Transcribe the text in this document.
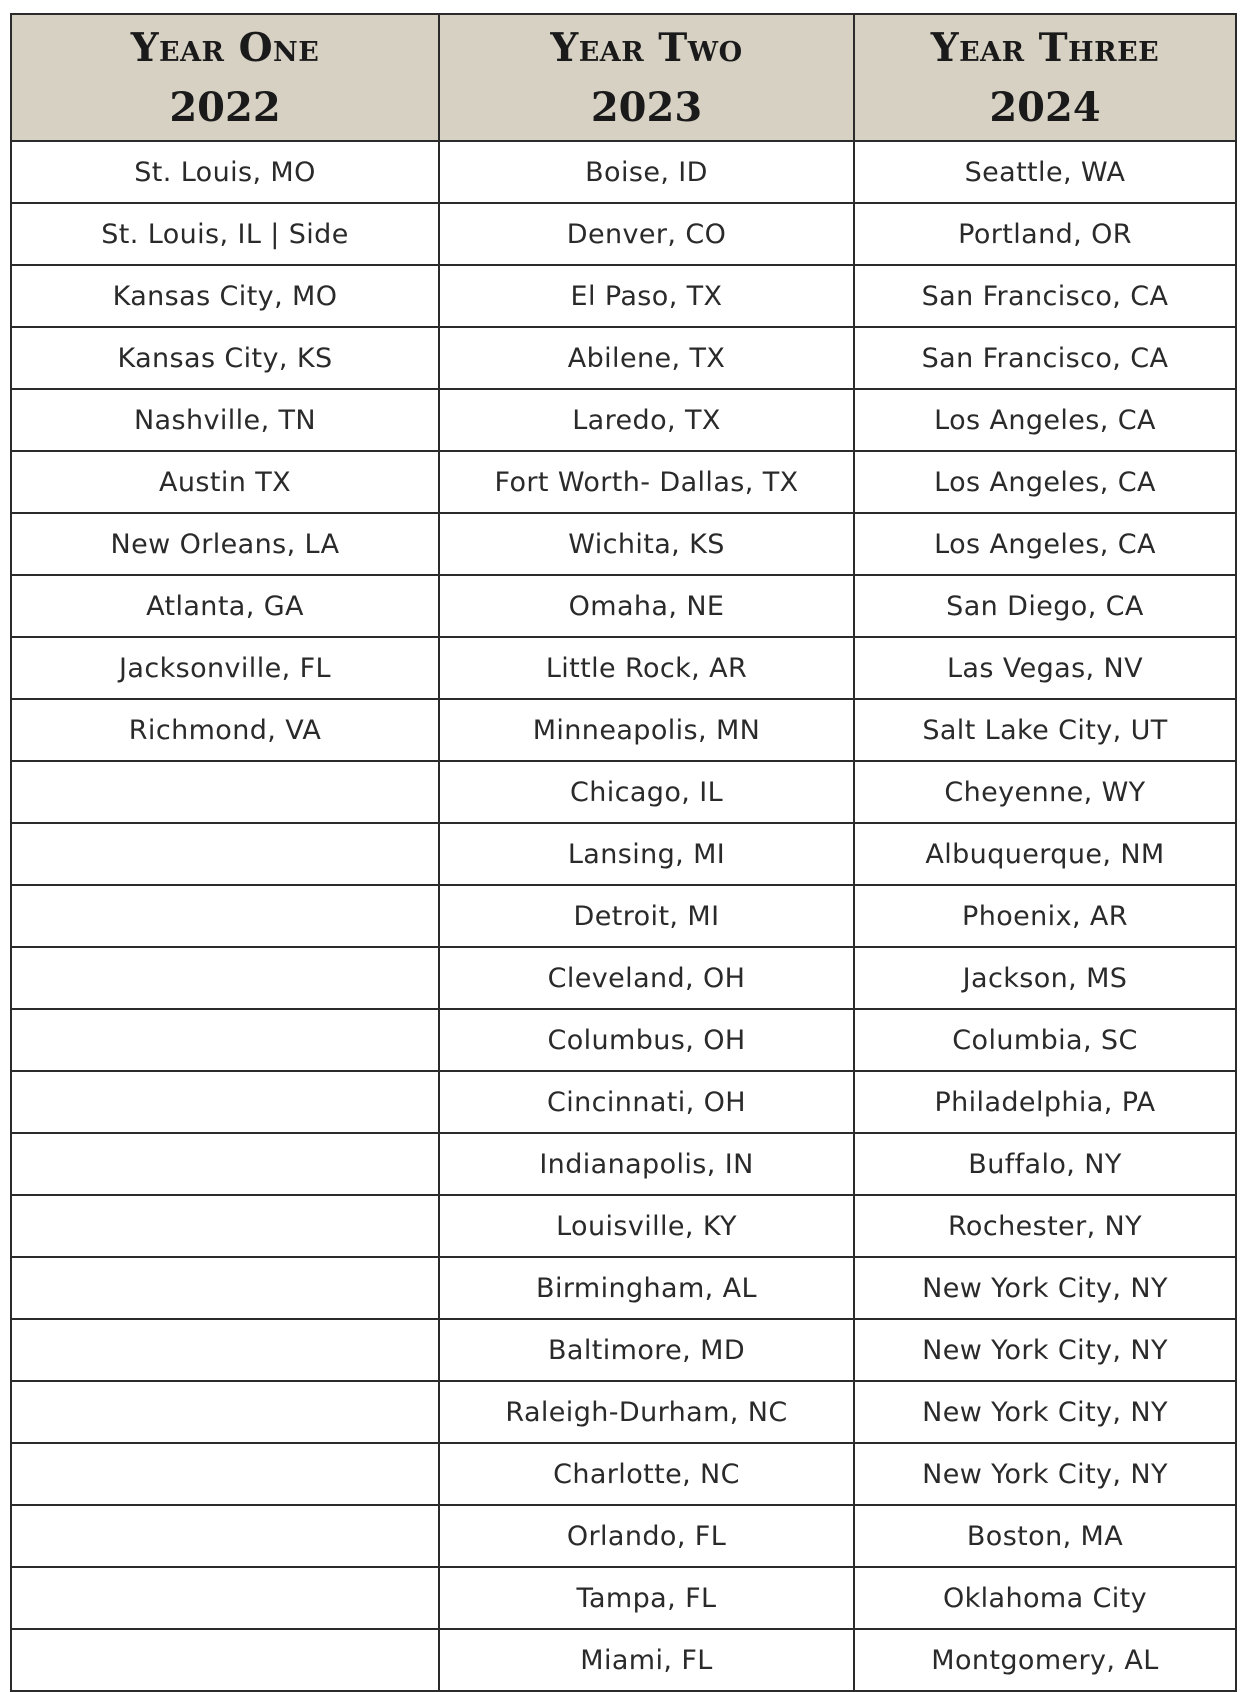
Year One
2022	Year Two
2023	Year Three
2024

St. Louis, MO	Boise, ID	Seattle, WA
St. Louis, IL | Side	Denver, CO	Portland, OR
Kansas City, MO	El Paso, TX	San Francisco, CA
Kansas City, KS	Abilene, TX	San Francisco, CA
Nashville, TN	Laredo, TX	Los Angeles, CA
Austin TX	Fort Worth- Dallas, TX	Los Angeles, CA
New Orleans, LA	Wichita, KS	Los Angeles, CA
Atlanta, GA	Omaha, NE	San Diego, CA
Jacksonville, FL	Little Rock, AR	Las Vegas, NV
Richmond, VA	Minneapolis, MN	Salt Lake City, UT
	Chicago, IL	Cheyenne, WY
	Lansing, MI	Albuquerque, NM
	Detroit, MI	Phoenix, AR
	Cleveland, OH	Jackson, MS
	Columbus, OH	Columbia, SC
	Cincinnati, OH	Philadelphia, PA
	Indianapolis, IN	Buffalo, NY
	Louisville, KY	Rochester, NY
	Birmingham, AL	New York City, NY
	Baltimore, MD	New York City, NY
	Raleigh-Durham, NC	New York City, NY
	Charlotte, NC	New York City, NY
	Orlando, FL	Boston, MA
	Tampa, FL	Oklahoma City
	Miami, FL	Montgomery, AL
